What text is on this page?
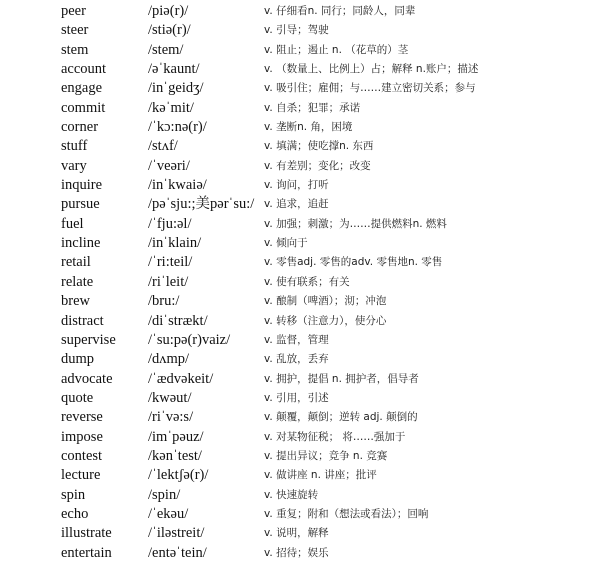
peer	/piə(r)/	v. 仔细看n. 同行；同龄人，同辈
steer	/stiə(r)/	v. 引导；驾驶
stem	/stem/	v. 阻止；遏止 n. （花草的）茎
account	/əˈkaunt/	v. （数量上、比例上）占；解释 n.账户；描述
engage	/inˈgeidʒ/	v. 吸引住；雇佣；与……建立密切关系；参与
commit	/kəˈmit/	v. 自杀；犯罪；承诺
corner	/ˈkɔ:nə(r)/	v. 垄断n. 角，困境
stuff	/stʌf/	v. 填满；使吃撑n. 东西
vary	/ˈveəri/	v. 有差别；变化；改变
inquire	/inˈkwaiə/	v. 询问，打听
pursue	/pəˈsju:;美pərˈsu:/ v. 追求，追赶
fuel	/ˈfju:əl/	v. 加强；刺激；为……提供燃料n. 燃料
incline	/inˈklain/	v. 倾向于
retail	/ˈri:teil/	v. 零售adj. 零售的adv. 零售地n. 零售
relate	/riˈleit/	v. 使有联系；有关
brew	/bru:/	v. 酿制（啤酒）；沏；冲泡
distract	/diˈstrækt/	v. 转移（注意力），使分心
supervise /ˈsu:pə(r)vaiz/	v. 监督，管理
dump	/dʌmp/	v. 乱放，丢弃
advocate /ˈædvəkeit/	v. 拥护，提倡 n. 拥护者，倡导者
quote	/kwəut/	v. 引用，引述
reverse	/riˈvə:s/	v. 颠覆，颠倒；逆转 adj. 颠倒的
impose	/imˈpəuz/	v. 对某物征税； 将……强加于
contest	/kənˈtest/	v. 提出异议；竞争 n. 竞赛
lecture	/ˈlektʃə(r)/	v. 做讲座 n. 讲座；批评
spin	/spin/	v. 快速旋转
echo	/ˈekəu/	v. 重复；附和（想法或看法）；回响
illustrate	/ˈiləstreit/	v. 说明，解释
entertain	/entəˈtein/	v. 招待；娱乐
